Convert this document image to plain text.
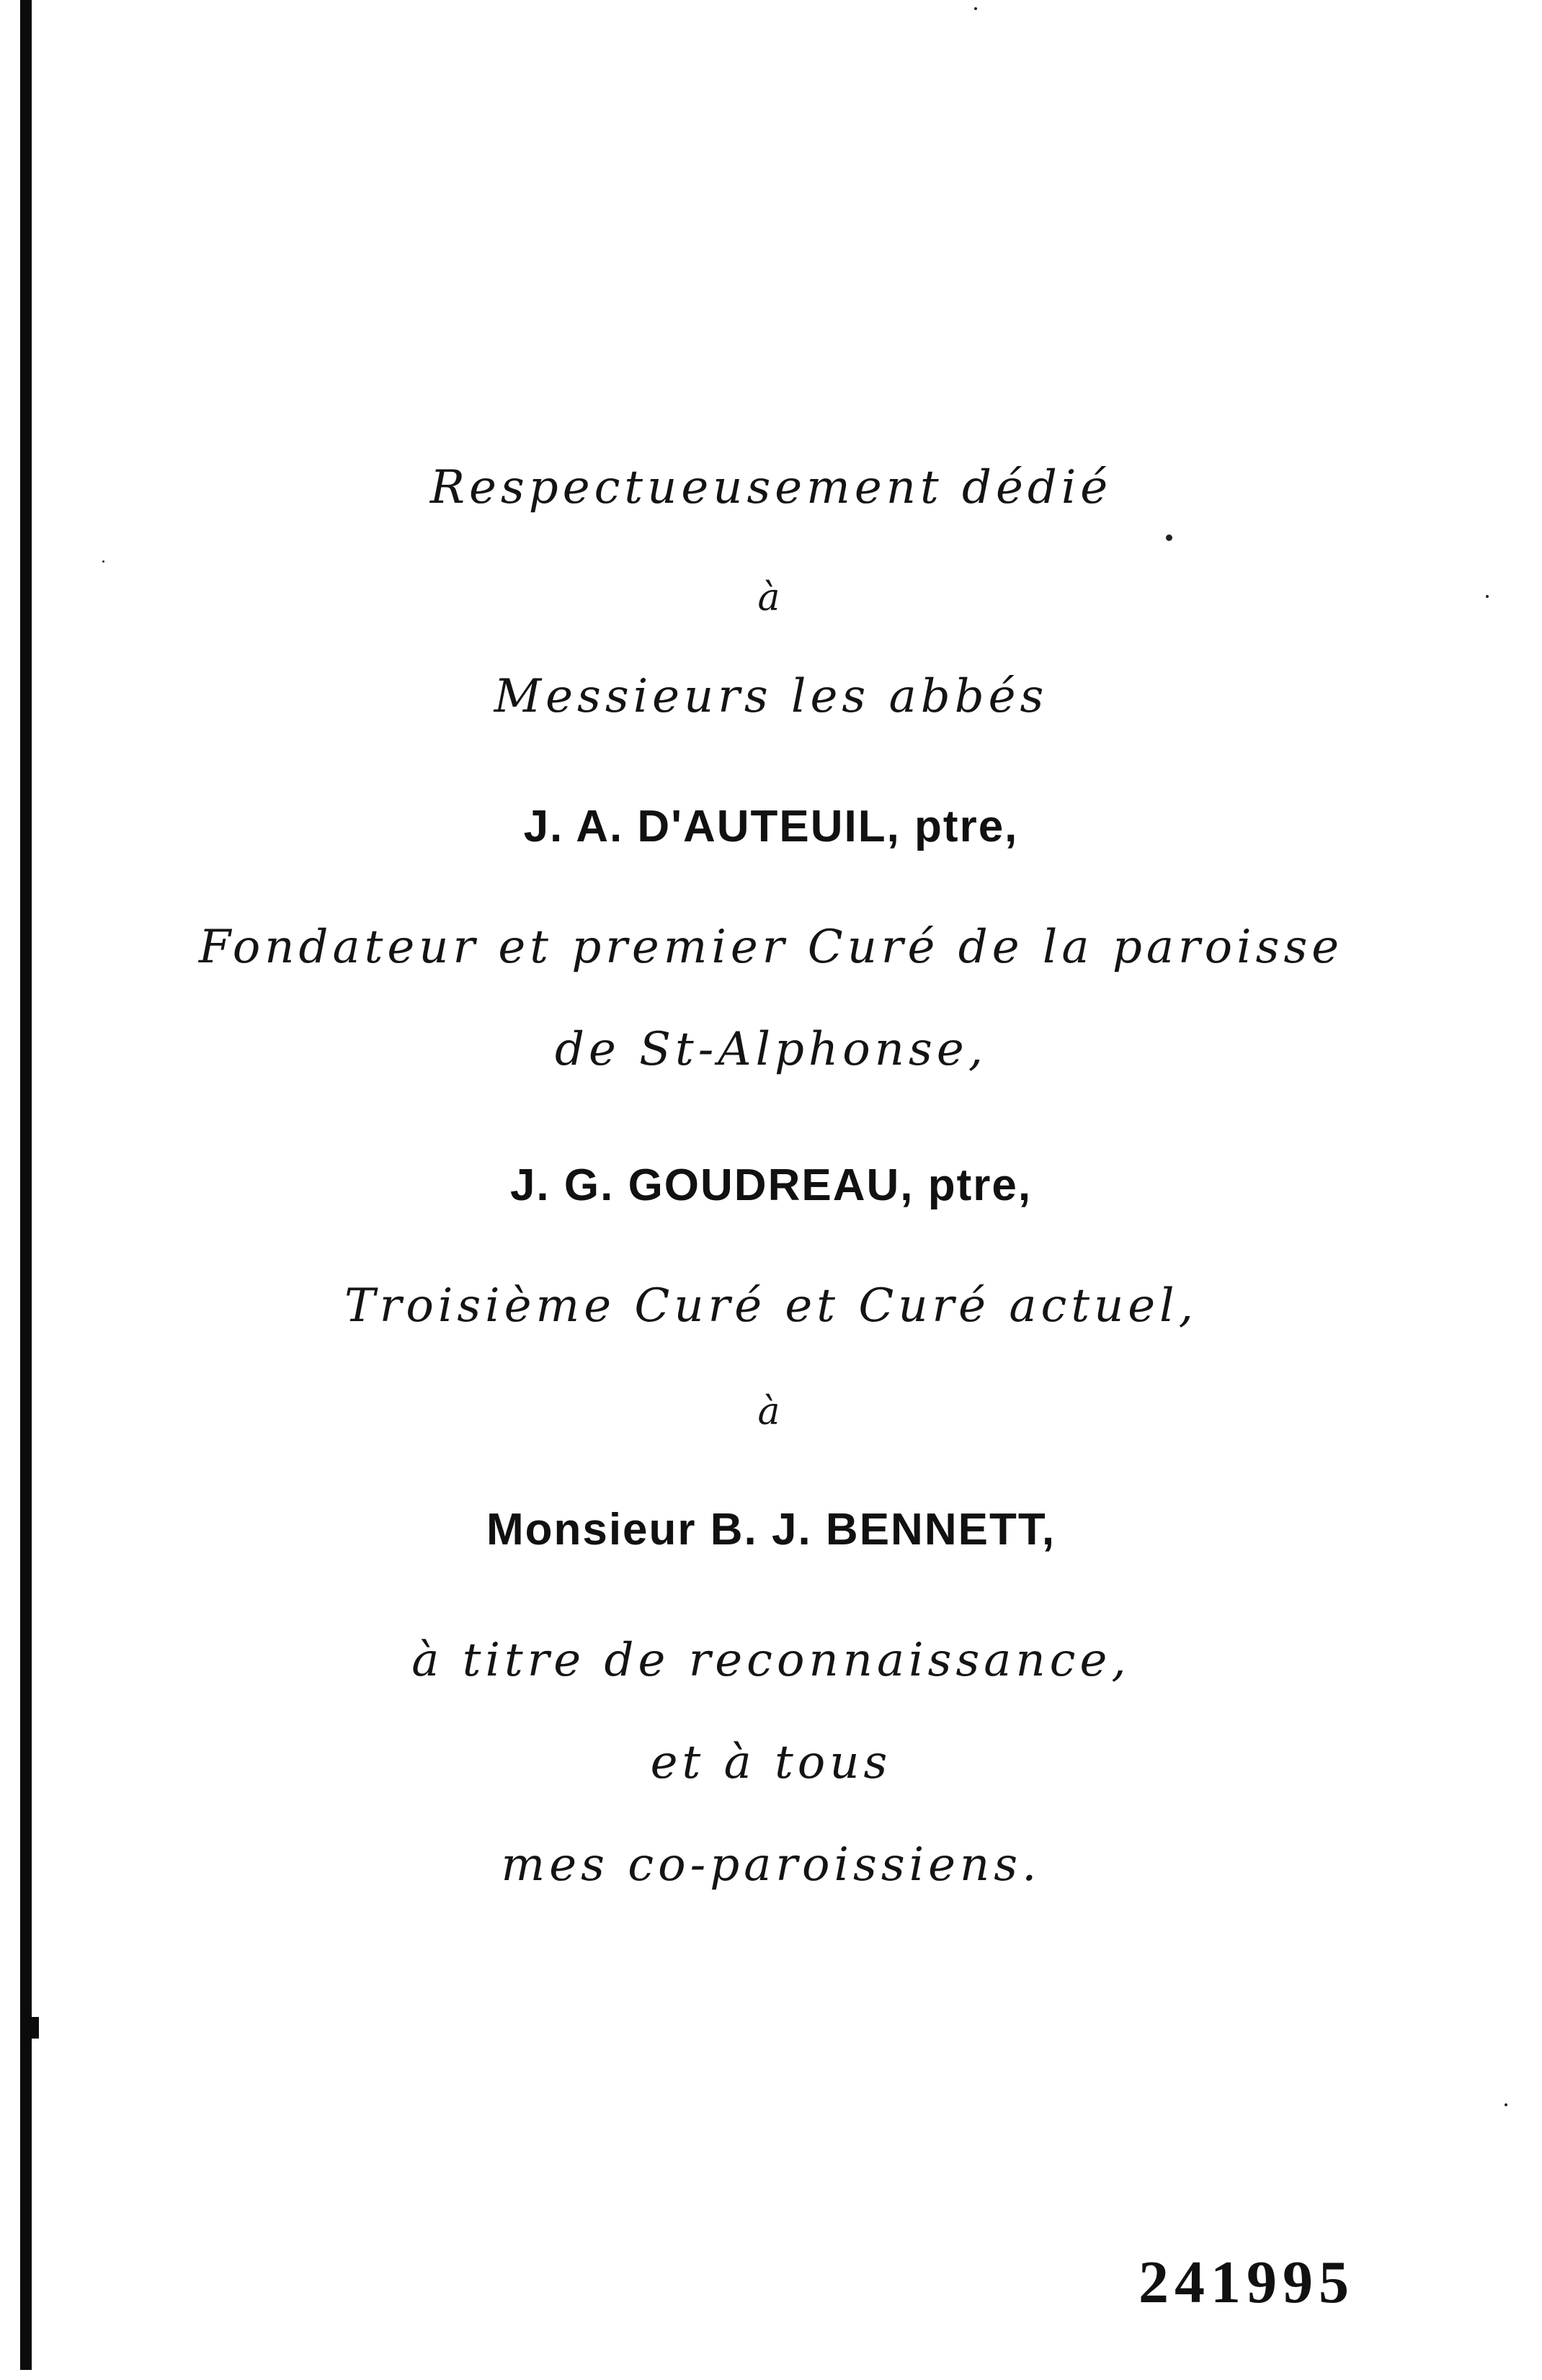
Respectueusement dédié
à
Messieurs les abbés
J. A. D'AUTEUIL, ptre,
Fondateur et premier Curé de la paroisse
de St-Alphonse,
J. G. GOUDREAU, ptre,
Troisième Curé et Curé actuel,
à
Monsieur B. J. BENNETT,
à titre de reconnaissance,
et à tous
mes co-paroissiens.
241995
